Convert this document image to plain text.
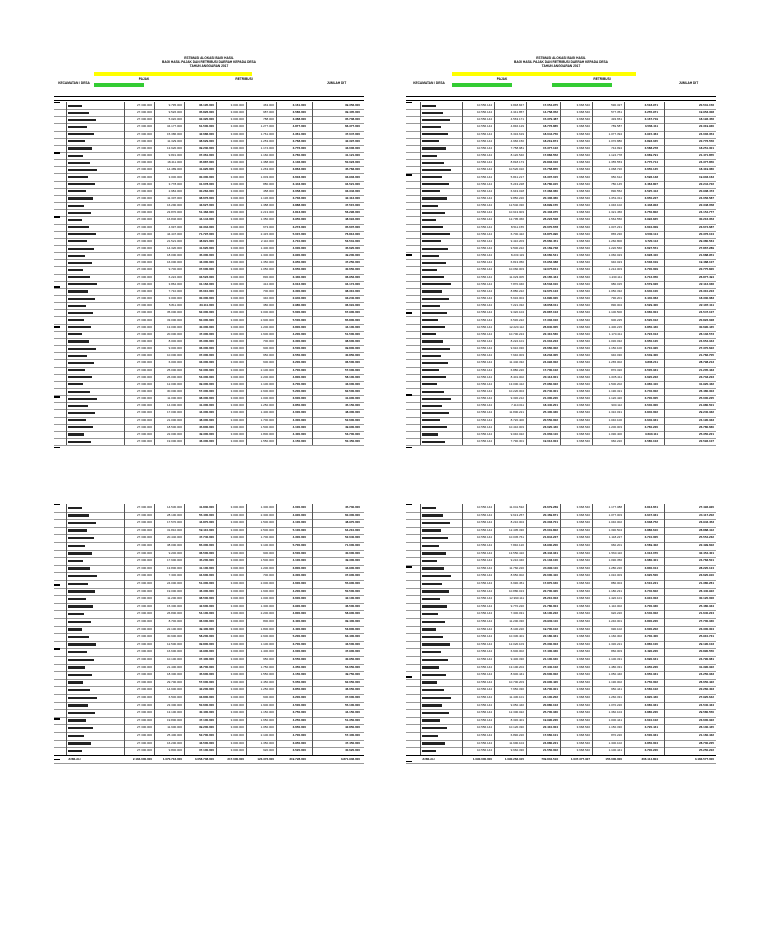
ESTIMASI ALOKASI BAGI HASIL
BAGI HASIL PAJAK DAN RETRIBUSI DAERAH KEPADA DESA
TAHUN ANGGARAN 2017
KECAMATAN / DESA
PAJAK	RETRIBUSI
JUMLAH DIT
27.300.000	9.795.000	36.195.000	3.000.000	463.000	3.161.000	39.356.000
27.300.000	9.526.000	35.826.000	3.000.000	987.000	3.586.000	39.405.000
27.300.000	5.020.000	32.320.000	3.000.000	788.000	3.388.000	35.708.000
27.300.000	34.177.000	61.500.000	3.000.000	1.277.000	4.877.000	66.377.000
27.300.000	15.386.000	42.686.000	3.000.000	1.761.000	4.361.000	47.047.000
27.300.000	11.329.000	38.629.000	3.000.000	1.253.000	3.768.000	42.397.000
27.300.000	13.920.000	39.230.000	3.000.000	1.174.000	3.776.000	43.006.000
27.300.000	9.831.000	37.361.000	3.000.000	1.160.000	3.760.000	41.121.000
27.300.000	18.411.000	45.887.000	3.000.000	1.388.000	4.136.000	50.023.000
27.300.000	14.489.000	41.920.000	3.000.000	1.263.000	3.863.000	45.783.000
27.300.000	3.000.000	30.300.000	3.000.000	1.003.000	3.603.000	33.903.000
27.300.000	3.778.000	31.078.000	3.000.000	880.000	3.443.000	34.521.000
27.300.000	2.984.000	30.284.000	3.000.000	458.000	3.058.000	33.342.000
27.300.000	11.307.000	38.676.000	3.000.000	1.136.000	3.736.000	42.412.000
27.300.000	16.290.000	43.627.000	3.000.000	1.388.000	3.888.000	47.515.000
27.300.000	23.870.000	51.483.000	3.000.000	2.213.000	4.813.000	56.296.000
27.300.000	16.846.000	44.144.000	3.000.000	1.350.000	3.950.000	48.094.000
27.300.000	4.997.000	32.334.000	3.000.000	673.000	3.273.000	35.607.000
27.300.000	44.447.000	71.797.000	3.000.000	2.415.000	5.015.000	76.812.000
27.300.000	21.521.000	48.821.000	3.000.000	2.110.000	4.710.000	53.531.000
27.300.000	14.320.000	41.620.000	3.000.000	1.400.000	4.000.000	45.620.000
27.300.000	18.000.000	45.300.000	3.000.000	1.300.000	3.900.000	49.200.000
27.300.000	16.000.000	43.300.000	3.000.000	1.350.000	3.950.000	47.250.000
27.300.000	9.700.000	37.000.000	3.000.000	1.050.000	3.650.000	40.650.000
27.300.000	6.222.000	33.522.000	3.000.000	830.000	3.430.000	36.952.000
27.300.000	3.862.000	31.162.000	3.000.000	412.000	3.012.000	34.174.000
27.300.000	7.710.000	35.010.000	3.000.000	700.000	3.300.000	38.310.000
27.300.000	3.000.000	30.300.000	3.000.000	340.000	2.940.000	33.240.000
27.300.000	5.811.000	33.111.000	3.000.000	380.000	2.980.000	36.091.000
27.300.000	35.000.000	62.300.000	3.000.000	3.000.000	5.600.000	67.900.000
27.300.000	33.000.000	60.300.000	3.000.000	2.900.000	5.500.000	65.800.000
27.300.000	13.000.000	40.300.000	3.000.000	1.200.000	3.800.000	44.100.000
27.300.000	20.000.000	47.300.000	3.000.000	1.600.000	4.200.000	51.500.000
27.300.000	8.000.000	35.300.000	3.000.000	700.000	3.300.000	38.600.000
27.300.000	9.000.000	36.300.000	3.000.000	900.000	3.500.000	39.800.000
27.300.000	10.000.000	37.300.000	3.000.000	950.000	3.550.000	40.850.000
27.300.000	6.000.000	33.300.000	3.000.000	600.000	3.200.000	36.500.000
27.300.000	25.000.000	52.300.000	3.000.000	2.100.000	4.700.000	57.000.000
27.300.000	26.000.000	53.300.000	3.000.000	2.200.000	4.800.000	58.100.000
27.300.000	12.000.000	39.300.000	3.000.000	1.100.000	3.700.000	43.000.000
27.300.000	30.000.000	57.300.000	3.000.000	2.600.000	5.200.000	62.500.000
27.300.000	11.000.000	38.300.000	3.000.000	1.000.000	3.600.000	41.900.000
27.300.000	14.000.000	41.300.000	3.000.000	1.250.000	3.850.000	45.150.000
27.300.000	17.000.000	44.300.000	3.000.000	1.400.000	4.000.000	48.300.000
27.300.000	21.000.000	48.300.000	3.000.000	1.700.000	4.300.000	52.600.000
27.300.000	18.500.000	45.800.000	3.000.000	1.500.000	4.100.000	49.900.000
27.300.000	22.000.000	49.300.000	3.000.000	1.800.000	4.400.000	53.700.000
27.300.000	19.000.000	46.300.000	3.000.000	1.550.000	4.150.000	50.450.000
ESTIMASI ALOKASI BAGI HASIL
BAGI HASIL PAJAK DAN RETRIBUSI DAERAH KEPADA DESA
TAHUN ANGGARAN 2017
KECAMATAN / DESA
PAJAK	RETRIBUSI
JUMLAH DIT
10.556.144	3.848.847	17.054.975	3.668.540	590.327	3.518.971	20.531.156
10.556.144	4.341.857	14.758.052	3.668.540	577.351	3.255.971	19.953.308
10.556.144	4.563.171	15.379.487	3.668.540	493.651	3.167.719	18.192.456
10.556.144	4.846.129	18.776.865	3.668.540	789.587	3.566.411	22.319.930
10.556.144	6.334.619	18.044.750	3.668.540	1.077.394	3.915.464	24.002.354
10.556.144	4.966.150	18.219.874	3.668.540	1.070.880	3.893.045	22.776.556
10.556.144	7.758.981	15.377.122	3.668.540	744.994	3.588.278	18.251.301
10.556.144	8.120.540	17.883.552	3.668.540	1.124.778	3.669.791	21.471.855
10.556.144	8.818.173	20.803.016	3.668.540	1.355.553	3.775.714	24.377.850
10.556.144	10.520.010	15.758.855	3.668.540	1.068.720	3.650.145	18.419.360
10.556.144	5.841.217	16.307.015	3.668.540	950.612	3.596.148	19.903.163
10.556.144	5.243.228	18.780.915	3.668.540	780.145	3.463.807	22.244.722
10.556.144	6.643.018	17.383.060	3.668.540	890.552	3.525.413	20.908.473
10.556.144	9.850.220	20.406.360	3.668.540	1.051.011	3.650.227	24.056.587
10.556.144	12.540.330	18.899.155	3.668.540	1.046.102	3.448.903	22.348.058
10.556.144	10.913.903	20.403.975	3.668.540	1.321.456	3.750.802	24.154.777
10.556.144	12.795.366	26.223.508	3.668.540	1.564.550	3.992.845	30.216.353
10.556.144	8.511.155	20.070.678	3.668.540	1.007.231	3.604.009	23.674.687
10.556.144	6.700.422	16.875.990	3.668.540	865.230	3.500.114	20.376.104
10.556.144	9.410.203	25.660.451	3.668.540	1.260.800	3.720.113	29.380.564
10.556.144	9.500.222	24.169.738	3.668.540	1.220.560	3.697.551	27.867.289
10.556.144	8.233.119	18.060.541	3.668.540	1.060.023	3.628.410	21.688.951
10.556.144	6.813.050	15.952.088	3.668.540	940.023	3.536.019	19.488.107
10.556.144	10.060.003	19.075.811	3.668.540	1.212.003	3.700.009	22.775.820
10.556.144	11.023.005	23.165.444	3.668.540	1.230.111	3.712.050	26.877.494
10.556.144	7.870.040	18.533.010	3.668.540	980.015	3.579.026	22.112.036
10.556.144	8.880.222	19.670.123	3.668.540	1.050.332	3.640.100	23.310.223
10.556.144	5.632.004	14.890.020	3.668.540	790.201	3.440.063	18.330.083
10.556.144	7.221.332	18.658.011	3.668.540	890.004	3.529.400	22.187.411
10.556.144	9.320.104	20.887.103	3.668.540	1.100.500	3.660.004	24.547.107
10.556.144	6.530.222	17.302.016	3.668.540	900.225	3.520.012	20.822.028
10.556.144	12.220.112	26.840.005	3.668.540	1.400.215	3.850.440	30.690.445
10.556.144	10.700.224	22.410.560	3.668.540	1.170.411	3.722.013	26.132.573
10.556.144	8.222.101	21.004.223	3.668.540	1.030.032	3.650.120	24.654.343
10.556.144	9.910.030	23.660.302	3.668.540	1.150.100	3.710.320	27.370.622
10.556.144	7.640.003	18.233.305	3.668.540	940.030	3.549.400	21.782.705
10.556.144	11.440.332	24.992.002	3.668.540	1.265.002	3.806.211	28.798.213
10.556.144	6.880.220	17.700.102	3.668.540	870.320	3.505.331	21.205.433
10.556.144	8.401.002	20.113.001	3.668.540	1.005.411	3.620.222	23.733.223
10.556.144	13.000.412	27.960.022	3.668.540	1.500.202	3.960.410	31.920.432
10.556.144	10.220.004	22.740.301	3.668.540	1.190.321	3.740.002	26.480.303
10.556.144	9.330.212	21.300.220	3.668.540	1.120.420	3.700.005	25.000.225
10.556.144	7.110.011	18.440.201	3.668.540	900.112	3.540.300	21.980.501
10.556.144	11.800.221	25.400.330	3.668.540	1.310.031	3.840.002	29.240.332
10.556.144	8.720.400	20.550.002	3.668.540	1.040.100	3.640.331	24.190.333
10.556.144	10.410.003	23.020.440	3.668.540	1.200.003	3.760.220	26.780.660
10.556.144	9.040.022	21.660.110	3.668.540	1.090.400	3.690.111	25.350.221
10.556.144	7.790.301	19.012.004	3.668.540	960.220	3.580.103	22.592.107
27.300.000	14.530.000	41.830.000	3.000.000	1.300.000	4.000.000	45.730.000
27.300.000	28.100.000	55.400.000	3.000.000	2.300.000	4.900.000	60.300.000
27.300.000	17.570.000	44.870.000	3.000.000	1.500.000	4.100.000	48.970.000
27.300.000	31.810.000	59.110.000	3.000.000	2.500.000	5.100.000	64.210.000
27.300.000	20.440.000	47.740.000	3.000.000	1.700.000	4.300.000	52.040.000
27.300.000	38.000.000	65.300.000	3.000.000	3.100.000	5.700.000	71.000.000
27.300.000	9.200.000	36.500.000	3.000.000	900.000	3.500.000	40.000.000
27.300.000	17.900.000	45.200.000	3.000.000	1.500.000	4.100.000	49.300.000
27.300.000	13.800.000	41.100.000	3.000.000	1.200.000	3.800.000	44.900.000
27.300.000	7.300.000	34.600.000	3.000.000	700.000	3.300.000	37.900.000
27.300.000	24.000.000	51.300.000	3.000.000	2.000.000	4.600.000	55.900.000
27.300.000	19.000.000	46.300.000	3.000.000	1.600.000	4.200.000	50.500.000
27.300.000	11.200.000	38.500.000	3.000.000	1.000.000	3.600.000	42.100.000
27.300.000	15.300.000	42.600.000	3.000.000	1.300.000	3.900.000	46.500.000
27.300.000	26.800.000	54.100.000	3.000.000	2.200.000	4.800.000	58.900.000
27.300.000	8.700.000	36.000.000	3.000.000	800.000	3.400.000	39.400.000
27.300.000	22.100.000	49.400.000	3.000.000	1.800.000	4.400.000	53.800.000
27.300.000	30.900.000	58.200.000	3.000.000	2.600.000	5.200.000	63.400.000
27.300.000	12.500.000	39.800.000	3.000.000	1.100.000	3.700.000	43.500.000
27.300.000	16.600.000	43.900.000	3.000.000	1.400.000	4.000.000	47.900.000
27.300.000	10.100.000	37.400.000	3.000.000	950.000	3.550.000	40.950.000
27.300.000	21.400.000	48.700.000	3.000.000	1.750.000	4.350.000	53.050.000
27.300.000	18.300.000	45.600.000	3.000.000	1.550.000	4.150.000	49.750.000
27.300.000	29.700.000	57.000.000	3.000.000	2.450.000	5.050.000	62.050.000
27.300.000	14.900.000	42.200.000	3.000.000	1.250.000	3.850.000	46.050.000
27.300.000	6.500.000	33.800.000	3.000.000	600.000	3.200.000	37.000.000
27.300.000	23.300.000	50.600.000	3.000.000	1.900.000	4.500.000	55.100.000
27.300.000	13.100.000	40.400.000	3.000.000	1.150.000	3.750.000	44.150.000
27.300.000	19.800.000	47.100.000	3.000.000	1.650.000	4.250.000	51.350.000
27.300.000	11.900.000	39.200.000	3.000.000	1.050.000	3.650.000	42.850.000
27.300.000	25.400.000	52.700.000	3.000.000	2.100.000	4.700.000	57.400.000
27.300.000	16.200.000	43.500.000	3.000.000	1.350.000	3.950.000	47.450.000
27.300.000	9.800.000	37.100.000	3.000.000	920.000	3.520.000	40.620.000
JUMLAH	2.184.000.000	1.070.716.000	3.058.708.000	217.000.000	123.372.000	319.728.000	3.871.936.000
10.556.144	11.041.532	23.679.269	3.668.540	1.177.088	3.813.651	27.492.920
10.556.144	9.613.257	20.469.871	3.668.540	1.077.003	3.647.331	24.117.202
10.556.144	8.210.004	20.303.701	3.668.540	1.040.002	3.638.752	23.942.453
10.556.144	12.405.330	25.001.802	3.668.540	1.390.504	3.886.610	28.888.412
10.556.144	10.045.761	21.844.227	3.668.540	1.118.227	3.710.005	25.554.232
10.556.144	7.840.120	18.930.200	3.668.540	960.201	3.569.402	22.499.602
10.556.144	13.550.410	28.442.331	3.668.540	1.560.110	4.012.070	32.454.401
10.556.144	9.210.340	21.103.100	3.668.540	1.090.350	3.680.401	24.783.501
10.556.144	11.760.220	24.390.110	3.668.540	1.280.220	3.830.014	28.220.124
10.556.144	8.650.002	20.000.410	3.668.540	1.010.003	3.620.500	23.620.910
10.556.144	6.990.451	17.870.040	3.668.540	880.004	3.510.221	21.380.261
10.556.144	10.880.013	22.700.320	3.668.540	1.180.231	3.740.602	26.440.922
10.556.144	12.990.111	26.210.003	3.668.540	1.420.101	3.910.003	30.120.006
10.556.144	9.770.220	21.780.004	3.668.540	1.110.002	3.700.330	25.480.334
10.556.144	7.300.031	18.100.222	3.668.540	920.220	3.540.002	21.640.224
10.556.144	11.200.330	23.900.110	3.668.540	1.240.001	3.800.220	27.700.330
10.556.144	8.100.220	19.700.102	3.668.540	990.102	3.600.202	23.300.304
10.556.144	10.330.401	22.180.331	3.668.540	1.160.302	3.730.400	25.910.731
10.556.144	12.020.103	25.330.003	3.668.540	1.330.221	3.860.100	29.190.103
10.556.144	6.600.002	17.400.330	3.668.540	860.003	3.490.220	20.890.550
10.556.144	9.400.330	21.100.040	3.668.540	1.100.331	3.690.041	24.790.081
10.556.144	13.100.204	27.440.102	3.668.540	1.480.331	3.950.220	31.390.322
10.556.144	8.900.441	20.600.002	3.668.540	1.050.440	3.650.331	24.250.333
10.556.144	10.700.203	22.900.420	3.668.540	1.190.002	3.750.002	26.650.422
10.556.144	7.650.330	18.700.301	3.668.540	950.441	3.560.102	22.260.403
10.556.144	11.430.101	24.100.202	3.668.540	1.260.331	3.820.440	27.920.642
10.556.144	9.050.440	20.880.103	3.668.540	1.070.220	3.660.331	24.540.434
10.556.144	12.300.022	25.700.330	3.668.540	1.360.104	3.880.220	29.580.550
10.556.144	8.330.401	19.990.220	3.668.540	1.000.441	3.610.102	23.600.322
10.556.144	10.120.330	22.410.004	3.668.540	1.150.330	3.720.441	26.130.445
10.556.144	6.890.220	17.660.101	3.668.540	870.220	3.500.331	21.160.432
10.556.144	11.990.104	24.880.221	3.668.540	1.300.102	3.850.004	28.730.225
10.556.144	9.660.330	21.550.002	3.668.540	1.100.441	3.700.220	25.250.222
JUMLAH	1.090.000.000	1.090.262.315	709.804.516	1.037.377.327	155.000.000	306.114.804	3.183.577.000
